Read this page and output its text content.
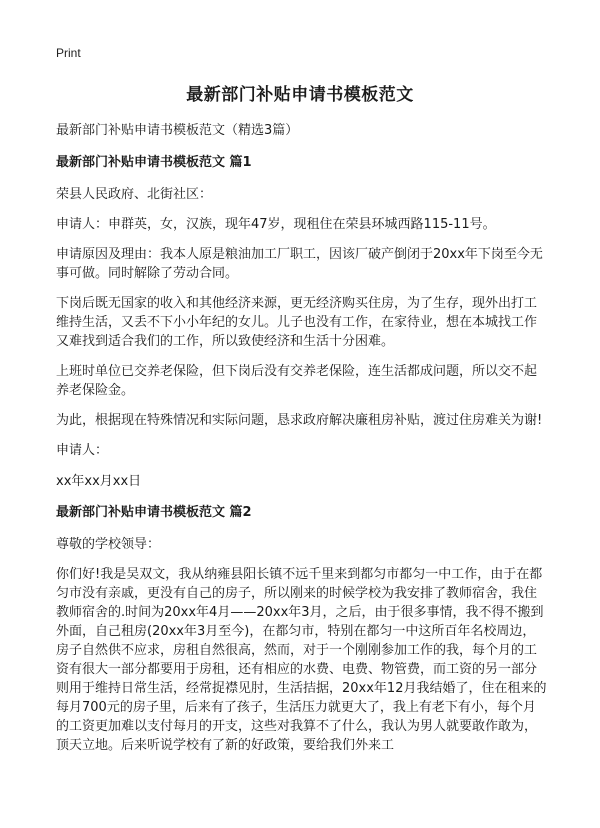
Print
最新部门补贴申请书模板范文

最新部门补贴申请书模板范文（精选3篇）

最新部门补贴申请书模板范文 篇1

荣县人民政府、北街社区：

申请人：申群英，女，汉族，现年47岁，现租住在荣县环城西路115-11号。

申请原因及理由：我本人原是粮油加工厂职工，因该厂破产倒闭于20xx年下岗至今无事可做。同时解除了劳动合同。

下岗后既无国家的收入和其他经济来源，更无经济购买住房，为了生存，现外出打工维持生活，又丢不下小小年纪的女儿。儿子也没有工作，在家待业，想在本城找工作又难找到适合我们的工作，所以致使经济和生活十分困难。

上班时单位已交养老保险，但下岗后没有交养老保险，连生活都成问题，所以交不起养老保险金。

为此，根据现在特殊情况和实际问题，恳求政府解决廉租房补贴，渡过住房难关为谢!

申请人：

xx年xx月xx日

最新部门补贴申请书模板范文 篇2

尊敬的学校领导：

你们好!我是吴双文，我从纳雍县阳长镇不远千里来到都匀市都匀一中工作，由于在都匀市没有亲戚，更没有自己的房子，所以刚来的时候学校为我安排了教师宿舍，我住教师宿舍的.时间为20xx年4月——20xx年3月，之后，由于很多事情，我不得不搬到外面，自己租房(20xx年3月至今)，在都匀市，特别在都匀一中这所百年名校周边，房子自然供不应求，房租自然很高，然而，对于一个刚刚参加工作的我，每个月的工资有很大一部分都要用于房租，还有相应的水费、电费、物管费，而工资的另一部分则用于维持日常生活，经常捉襟见肘，生活拮据，20xx年12月我结婚了，住在租来的每月700元的房子里，后来有了孩子，生活压力就更大了，我上有老下有小，每个月的工资更加难以支付每月的开支，这些对我算不了什么，我认为男人就要敢作敢为，顶天立地。后来听说学校有了新的好政策，要给我们外来工
